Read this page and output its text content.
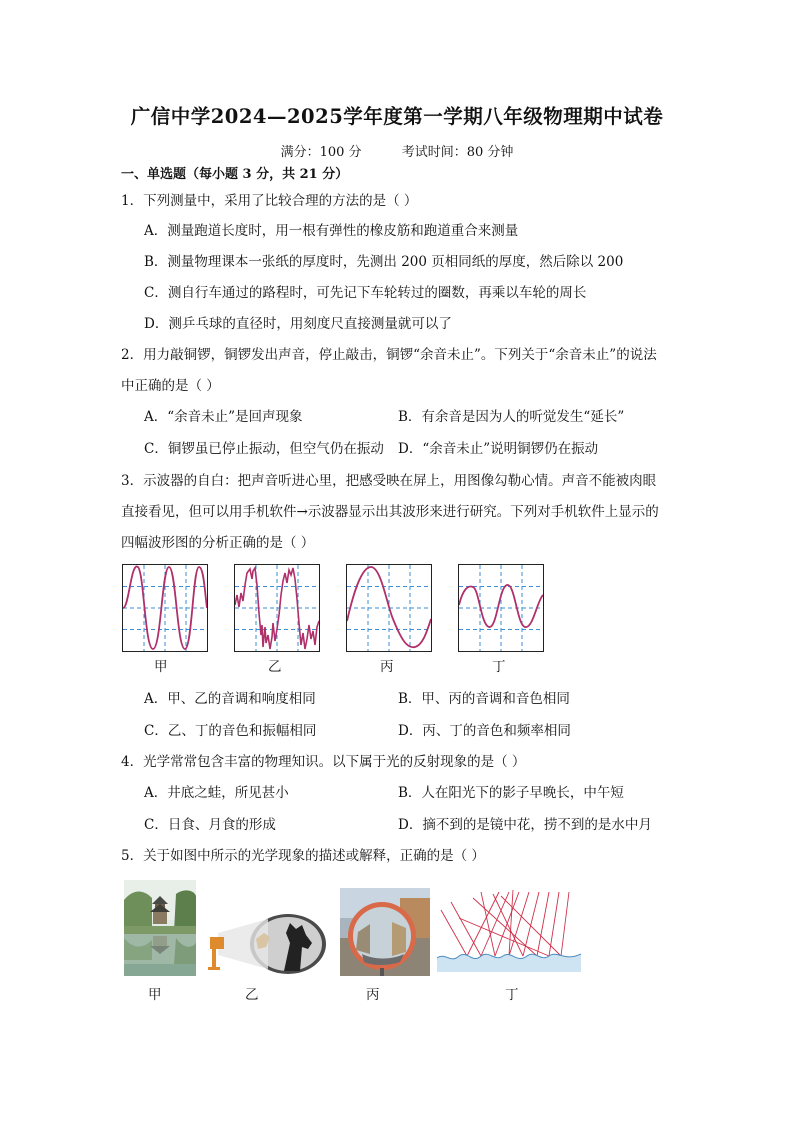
广信中学2024—2025学年度第一学期八年级物理期中试卷
满分：100 分	考试时间：80 分钟
一、单选题（每小题 3 分，共 21 分）
1．下列测量中，采用了比较合理的方法的是（ ）
A．测量跑道长度时，用一根有弹性的橡皮筋和跑道重合来测量
B．测量物理课本一张纸的厚度时，先测出 200 页相同纸的厚度，然后除以 200
C．测自行车通过的路程时，可先记下车轮转过的圈数，再乘以车轮的周长
D．测乒乓球的直径时，用刻度尺直接测量就可以了
2．用力敲铜锣，铜锣发出声音，停止敲击，铜锣“余音未止”。下列关于“余音未止”的说法
中正确的是（ ）
A．“余音未止”是回声现象	B．有余音是因为人的听觉发生“延长”
C．铜锣虽已停止振动，但空气仍在振动 D．“余音未止”说明铜锣仍在振动
3．示波器的自白：把声音听进心里，把感受映在屏上，用图像勾勒心情。声音不能被肉眼
直接看见，但可以用手机软件→示波器显示出其波形来进行研究。下列对手机软件上显示的
四幅波形图的分析正确的是（ ）
甲	乙	丙	丁
A．甲、乙的音调和响度相同	B．甲、丙的音调和音色相同
C．乙、丁的音色和振幅相同	D．丙、丁的音色和频率相同
4．光学常常包含丰富的物理知识。以下属于光的反射现象的是（ ）
A．井底之蛙，所见甚小	B．人在阳光下的影子早晚长，中午短
C．日食、月食的形成	D．摘不到的是镜中花，捞不到的是水中月
5．关于如图中所示的光学现象的描述或解释，正确的是（ ）
甲	乙	丙	丁
